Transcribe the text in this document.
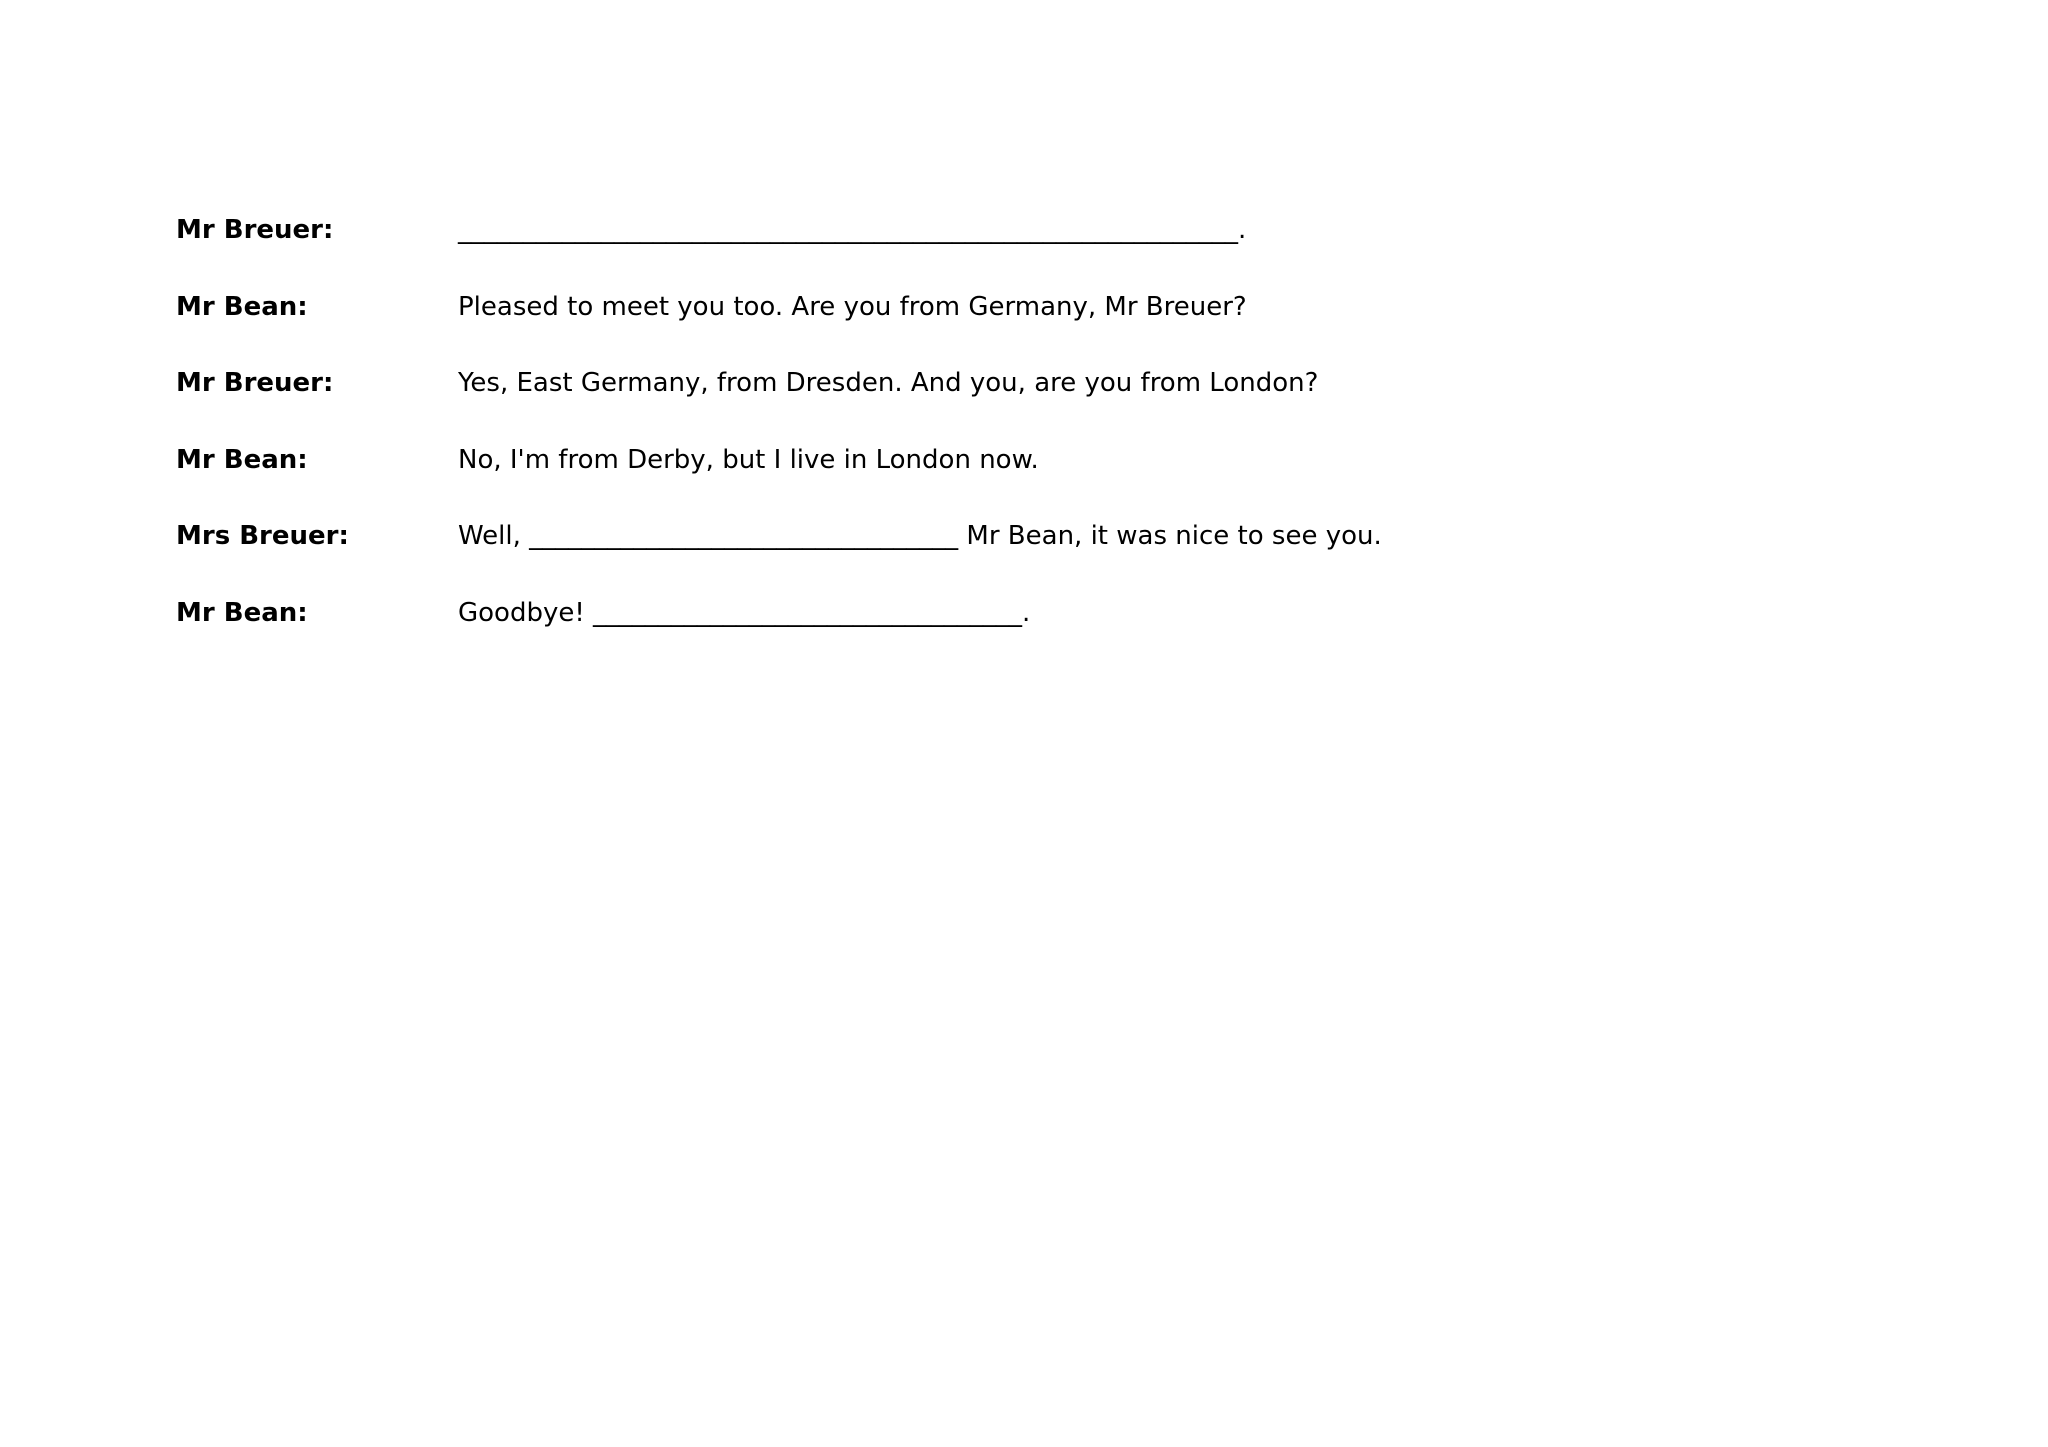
Mr Breuer:	____________________________________________________________.
Mr Bean:	Pleased to meet you too. Are you from Germany, Mr Breuer?
Mr Breuer:	Yes, East Germany, from Dresden. And you, are you from London?
Mr Bean:	No, I'm from Derby, but I live in London now.
Mrs Breuer:	Well, _________________________________ Mr Bean, it was nice to see you.
Mr Bean:	Goodbye! _________________________________.
